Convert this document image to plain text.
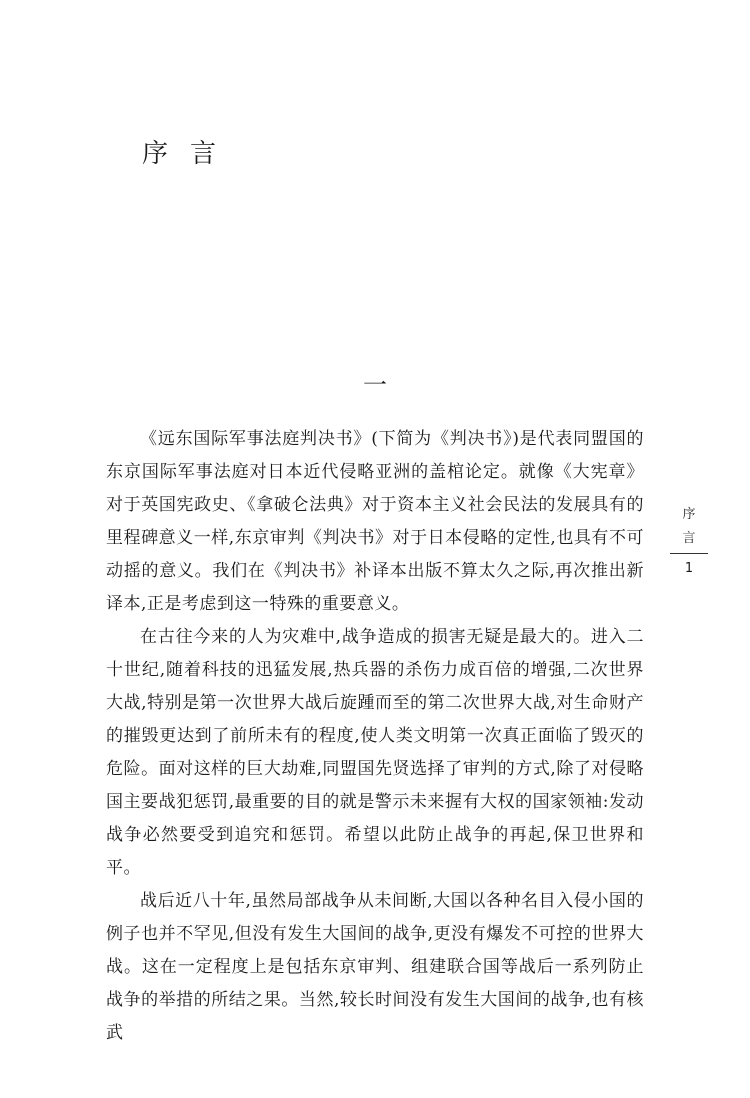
序 言
一

《远东国际军事法庭判决书》(下简为《判决书》)是代表同盟国的东京国际军事法庭对日本近代侵略亚洲的盖棺论定。就像《大宪章》对于英国宪政史、《拿破仑法典》对于资本主义社会民法的发展具有的里程碑意义一样,东京审判《判决书》对于日本侵略的定性,也具有不可动摇的意义。我们在《判决书》补译本出版不算太久之际,再次推出新译本,正是考虑到这一特殊的重要意义。

在古往今来的人为灾难中,战争造成的损害无疑是最大的。进入二十世纪,随着科技的迅猛发展,热兵器的杀伤力成百倍的增强,二次世界大战,特别是第一次世界大战后旋踵而至的第二次世界大战,对生命财产的摧毁更达到了前所未有的程度,使人类文明第一次真正面临了毁灭的危险。面对这样的巨大劫难,同盟国先贤选择了审判的方式,除了对侵略国主要战犯惩罚,最重要的目的就是警示未来握有大权的国家领袖:发动战争必然要受到追究和惩罚。希望以此防止战争的再起,保卫世界和平。

战后近八十年,虽然局部战争从未间断,大国以各种名目入侵小国的例子也并不罕见,但没有发生大国间的战争,更没有爆发不可控的世界大战。这在一定程度上是包括东京审判、组建联合国等战后一系列防止战争的举措的所结之果。当然,较长时间没有发生大国间的战争,也有核武

序
言
1
